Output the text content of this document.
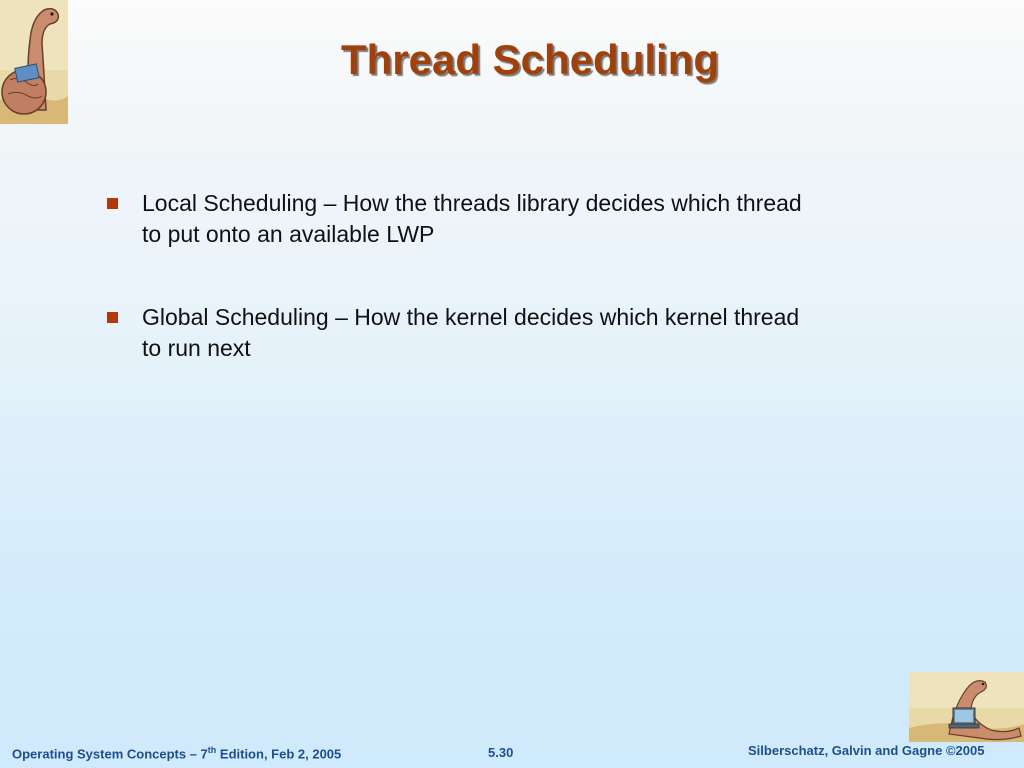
Thread Scheduling
Local Scheduling – How the threads library decides which thread to put onto an available LWP
Global Scheduling – How the kernel decides which kernel thread to run next
Operating System Concepts – 7th Edition, Feb 2, 2005	5.30	Silberschatz, Galvin and Gagne ©2005
